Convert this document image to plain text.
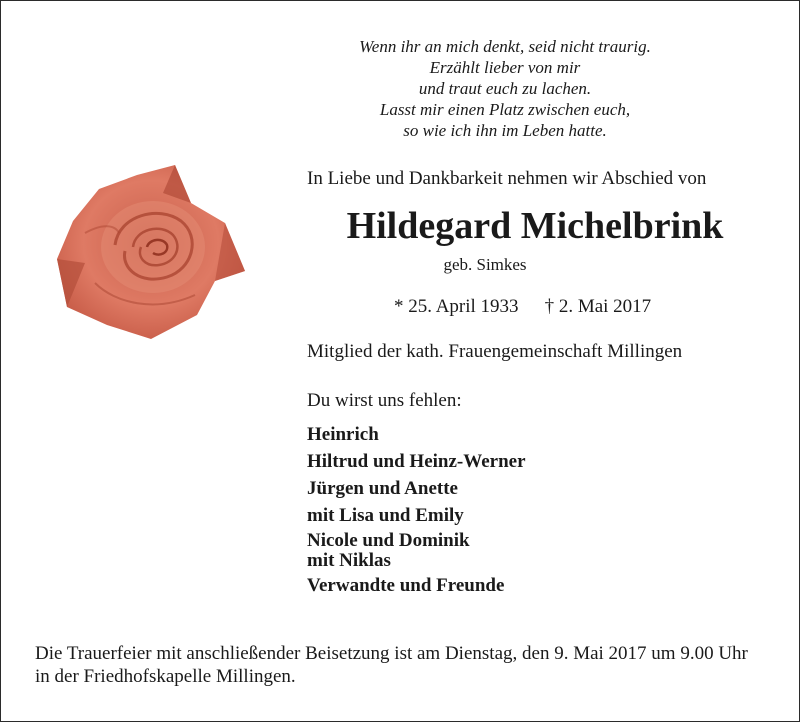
Wenn ihr an mich denkt, seid nicht traurig.
Erzählt lieber von mir
und traut euch zu lachen.
Lasst mir einen Platz zwischen euch,
so wie ich ihn im Leben hatte.
In Liebe und Dankbarkeit nehmen wir Abschied von
Hildegard Michelbrink
geb. Simkes
* 25. April 1933 † 2. Mai 2017
Mitglied der kath. Frauengemeinschaft Millingen
Du wirst uns fehlen:
Heinrich
Hiltrud und Heinz-Werner
Jürgen und Anette
mit Lisa und Emily
Nicole und Dominik
mit Niklas
Verwandte und Freunde
Die Trauerfeier mit anschließender Beisetzung ist am Dienstag, den 9. Mai 2017 um 9.00 Uhr in der Friedhofskapelle Millingen.
